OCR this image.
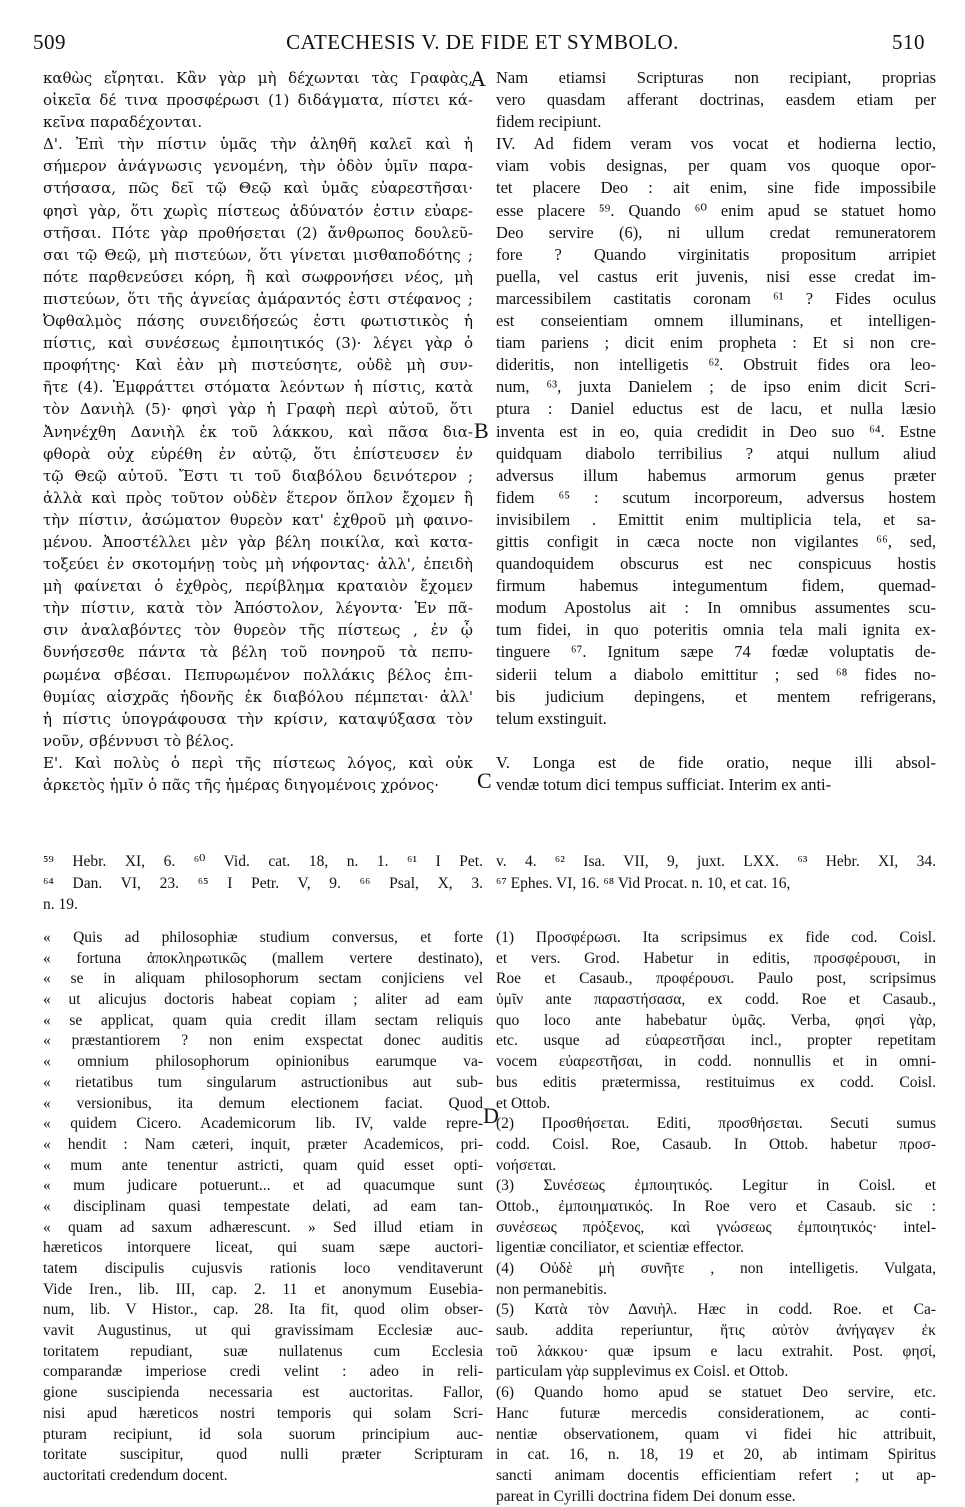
509	CATECHESIS V. DE FIDE ET SYMBOLO.	510
A
B
C
D
καθὼς εἴρηται. Κἂν γὰρ μὴ δέχωνται τὰς Γραφὰς,
οἰκεῖα δέ τινα προσφέρωσι (1) διδάγματα, πίστει κά-
κεῖνα παραδέχονται.
Δ'. Ἐπὶ τὴν πίστιν ὑμᾶς τὴν ἀληθῆ καλεῖ καὶ ἡ
σήμερον ἀνάγνωσις γενομένη, τὴν ὁδὸν ὑμῖν παρα-
στήσασα, πῶς δεῖ τῷ Θεῷ καὶ ὑμᾶς εὐαρεστῆσαι·
φησὶ γὰρ, ὅτι χωρὶς πίστεως ἀδύνατόν ἐστιν εὐαρε-
στῆσαι. Πότε γὰρ προθήσεται (2) ἄνθρωπος δουλεῦ-
σαι τῷ Θεῷ, μὴ πιστεύων, ὅτι γίνεται μισθαποδότης ;
πότε παρθενεύσει κόρη, ἢ καὶ σωφρονήσει νέος, μὴ
πιστεύων, ὅτι τῆς ἁγνείας ἀμάραντός ἐστι στέφανος ;
Ὀφθαλμὸς πάσης συνειδήσεώς ἐστι φωτιστικὸς ἡ
πίστις, καὶ συνέσεως ἐμποιητικός (3)· λέγει γὰρ ὁ
προφήτης· Καὶ ἐὰν μὴ πιστεύσητε, οὐδὲ μὴ συν-
ῆτε (4). Ἐμφράττει στόματα λεόντων ἡ πίστις, κατὰ
τὸν Δανιὴλ (5)· φησὶ γὰρ ἡ Γραφὴ περὶ αὐτοῦ, ὅτι
Ἀνηνέχθη Δανιὴλ ἐκ τοῦ λάκκου, καὶ πᾶσα δια-
φθορὰ οὐχ εὑρέθη ἐν αὐτῷ, ὅτι ἐπίστευσεν ἐν
τῷ Θεῷ αὐτοῦ. Ἔστι τι τοῦ διαβόλου δεινότερον ;
ἀλλὰ καὶ πρὸς τοῦτον οὐδὲν ἕτερον ὅπλον ἔχομεν ἢ
τὴν πίστιν, ἀσώματον θυρεὸν κατ' ἐχθροῦ μὴ φαινο-
μένου. Ἀποστέλλει μὲν γὰρ βέλη ποικίλα, καὶ κατα-
τοξεύει ἐν σκοτομήνῃ τοὺς μὴ νήφοντας· ἀλλ', ἐπειδὴ
μὴ φαίνεται ὁ ἐχθρὸς, περίβλημα κραταιὸν ἔχομεν
τὴν πίστιν, κατὰ τὸν Ἀπόστολον, λέγοντα· Ἐν πᾶ-
σιν ἀναλαβόντες τὸν θυρεὸν τῆς πίστεως , ἐν ᾧ
δυνήσεσθε πάντα τὰ βέλη τοῦ πονηροῦ τὰ πεπυ-
ρωμένα σβέσαι. Πεπυρωμένον πολλάκις βέλος ἐπι-
θυμίας αἰσχρᾶς ἡδονῆς ἐκ διαβόλου πέμπεται· ἀλλ'
ἡ πίστις ὑπογράφουσα τὴν κρίσιν, καταψύξασα τὸν
νοῦν, σβέννυσι τὸ βέλος.
Ε'. Καὶ πολὺς ὁ περὶ τῆς πίστεως λόγος, καὶ οὐκ
ἀρκετὸς ἡμῖν ὁ πᾶς τῆς ἡμέρας διηγομένοις χρόνος·
Nam etiamsi Scripturas non recipiant, proprias
vero quasdam afferant doctrinas, easdem etiam per
fidem recipiunt.
IV. Ad fidem veram vos vocat et hodierna lectio,
viam vobis designas, per quam vos quoque opor-
tet placere Deo : ait enim, sine fide impossibile
esse placere ⁵⁹. Quando ⁶⁰ enim apud se statuet homo
Deo servire (6), ni ullum credat remuneratorem
fore ? Quando virginitatis propositum arripiet
puella, vel castus erit juvenis, nisi esse credat im-
marcessibilem castitatis coronam ⁶¹ ? Fides oculus
est conseientiam omnem illuminans, et intelligen-
tiam pariens ; dicit enim propheta : Et si non cre-
dideritis, non intelligetis ⁶². Obstruit fides ora leo-
num, ⁶³, juxta Danielem ; de ipso enim dicit Scri-
ptura : Daniel eductus est de lacu, et nulla læsio
inventa est in eo, quia credidit in Deo suo ⁶⁴. Estne
quidquam diabolo terribilius ? atqui nullum aliud
adversus illum habemus armorum genus præter
fidem ⁶⁵ : scutum incorporeum, adversus hostem
invisibilem . Emittit enim multiplicia tela, et sa-
gittis configit in cæca nocte non vigilantes ⁶⁶, sed,
quandoquidem obscurus est nec conspicuus hostis
firmum habemus integumentum fidem, quemad-
modum Apostolus ait : In omnibus assumentes scu-
tum fidei, in quo poteritis omnia tela mali ignita ex-
tinguere ⁶⁷. Ignitum sæpe 74 fœdæ voluptatis de-
siderii telum a diabolo emittitur ; sed ⁶⁸ fides no-
bis judicium depingens, et mentem refrigerans,
telum exstinguit.
V. Longa est de fide oratio, neque illi absol-
vendæ totum dici tempus sufficiat. Interim ex anti-
⁵⁹ Hebr. XI, 6. ⁶⁰ Vid. cat. 18, n. 1. ⁶¹ I Pet.
⁶⁴ Dan. VI, 23. ⁶⁵ I Petr. V, 9. ⁶⁶ Psal, X, 3.
n. 19.
v. 4. ⁶² Isa. VII, 9, juxt. LXX. ⁶³ Hebr. XI, 34.
⁶⁷ Ephes. VI, 16. ⁶⁸ Vid Procat. n. 10, et cat. 16,
« Quis ad philosophiæ studium conversus, et forte
« fortuna ἀποκληρωτικῶς (mallem vertere destinato),
« se in aliquam philosophorum sectam conjiciens vel
« ut alicujus doctoris habeat copiam ; aliter ad eam
« se applicat, quam quia credit illam sectam reliquis
« præstantiorem ? non enim exspectat donec auditis
« omnium philosophorum opinionibus earumque va-
« rietatibus tum singularum astructionibus aut sub-
« versionibus, ita demum electionem faciat. Quod
« quidem Cicero. Academicorum lib. IV, valde repre-
« hendit : Nam cæteri, inquit, præter Academicos, pri-
« mum ante tenentur astricti, quam quid esset opti-
« mum judicare potuerunt... et ad quacumque sunt
« disciplinam quasi tempestate delati, ad eam tan-
« quam ad saxum adhærescunt. » Sed illud etiam in
hæreticos intorquere liceat, qui suam sæpe auctori-
tatem discipulis cujusvis rationis loco venditaverunt
Vide Iren., lib. III, cap. 2. 11 et anonymum Eusebia-
num, lib. V Histor., cap. 28. Ita fit, quod olim obser-
vavit Augustinus, ut qui gravissimam Ecclesiæ auc-
toritatem repudiant, suæ nullatenus cum Ecclesia
comparandæ imperiose credi velint : adeo in reli-
gione suscipienda necessaria est auctoritas. Fallor,
nisi apud hæreticos nostri temporis qui solam Scri-
pturam recipiunt, id sola suorum principium auc-
toritate suscipitur, quod nulli præter Scripturam
auctoritati credendum docent.
(1) Προσφέρωσι. Ita scripsimus ex fide cod. Coisl.
et vers. Grod. Habetur in editis, προσφέρουσι, in
Roe et Casaub., προφέρουσι. Paulo post, scripsimus
ὑμῖν ante παραστήσασα, ex codd. Roe et Casaub.,
quo loco ante habebatur ὑμᾶς. Verba, φησὶ γὰρ,
etc. usque ad εὐαρεστῆσαι incl., propter repetitam
vocem εὐαρεστῆσαι, in codd. nonnullis et in omni-
bus editis prætermissa, restituimus ex codd. Coisl.
et Ottob.
(2) Προσθήσεται. Editi, προσθήσεται. Secuti sumus
codd. Coisl. Roe, Casaub. In Ottob. habetur προσ-
νοήσεται.
(3) Συνέσεως ἐμποιητικός. Legitur in Coisl. et
Ottob., ἐμποιηματικός. In Roe vero et Casaub. sic :
συνέσεως πρόξενος, καὶ γνώσεως ἐμποιητικός· intel-
ligentiæ conciliator, et scientiæ effector.
(4) Οὐδὲ μὴ συνῆτε , non intelligetis. Vulgata,
non permanebitis.
(5) Κατὰ τὸν Δανιὴλ. Hæc in codd. Roe. et Ca-
saub. addita reperiuntur, ἥτις αὐτὸν ἀνήγαγεν ἐκ
τοῦ λάκκου· quæ ipsum e lacu extrahit. Post. φησί,
particulam γὰρ supplevimus ex Coisl. et Ottob.
(6) Quando homo apud se statuet Deo servire, etc.
Hanc futuræ mercedis considerationem, ac conti-
nentiæ observationem, quam vi fidei hic attribuit,
in cat. 16, n. 18, 19 et 20, ab intimam Spiritus
sancti animam docentis efficientiam refert ; ut ap-
pareat in Cyrilli doctrina fidem Dei donum esse.
